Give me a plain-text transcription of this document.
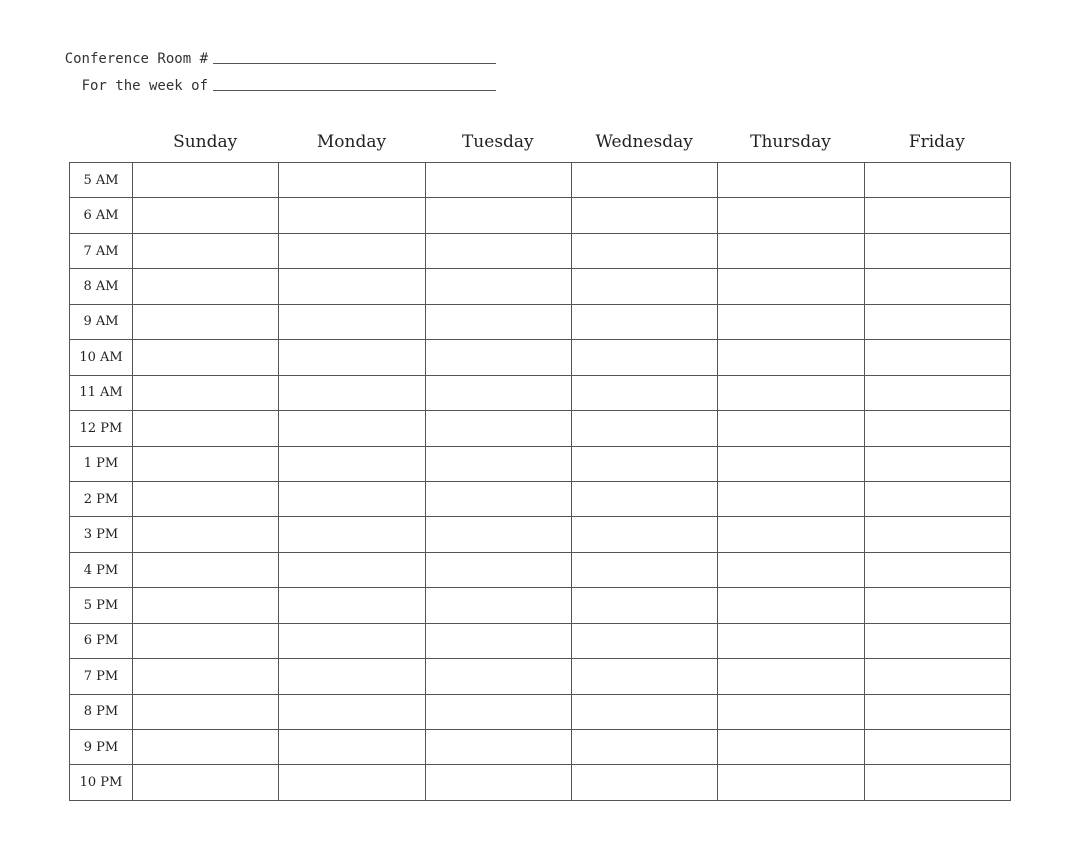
Conference Room #
For the week of
Sunday	Monday	Tuesday	Wednesday	Thursday	Friday
5 AM						
6 AM						
7 AM						
8 AM						
9 AM						
10 AM						
11 AM						
12 PM						
1 PM						
2 PM						
3 PM						
4 PM						
5 PM						
6 PM						
7 PM						
8 PM						
9 PM						
10 PM						
